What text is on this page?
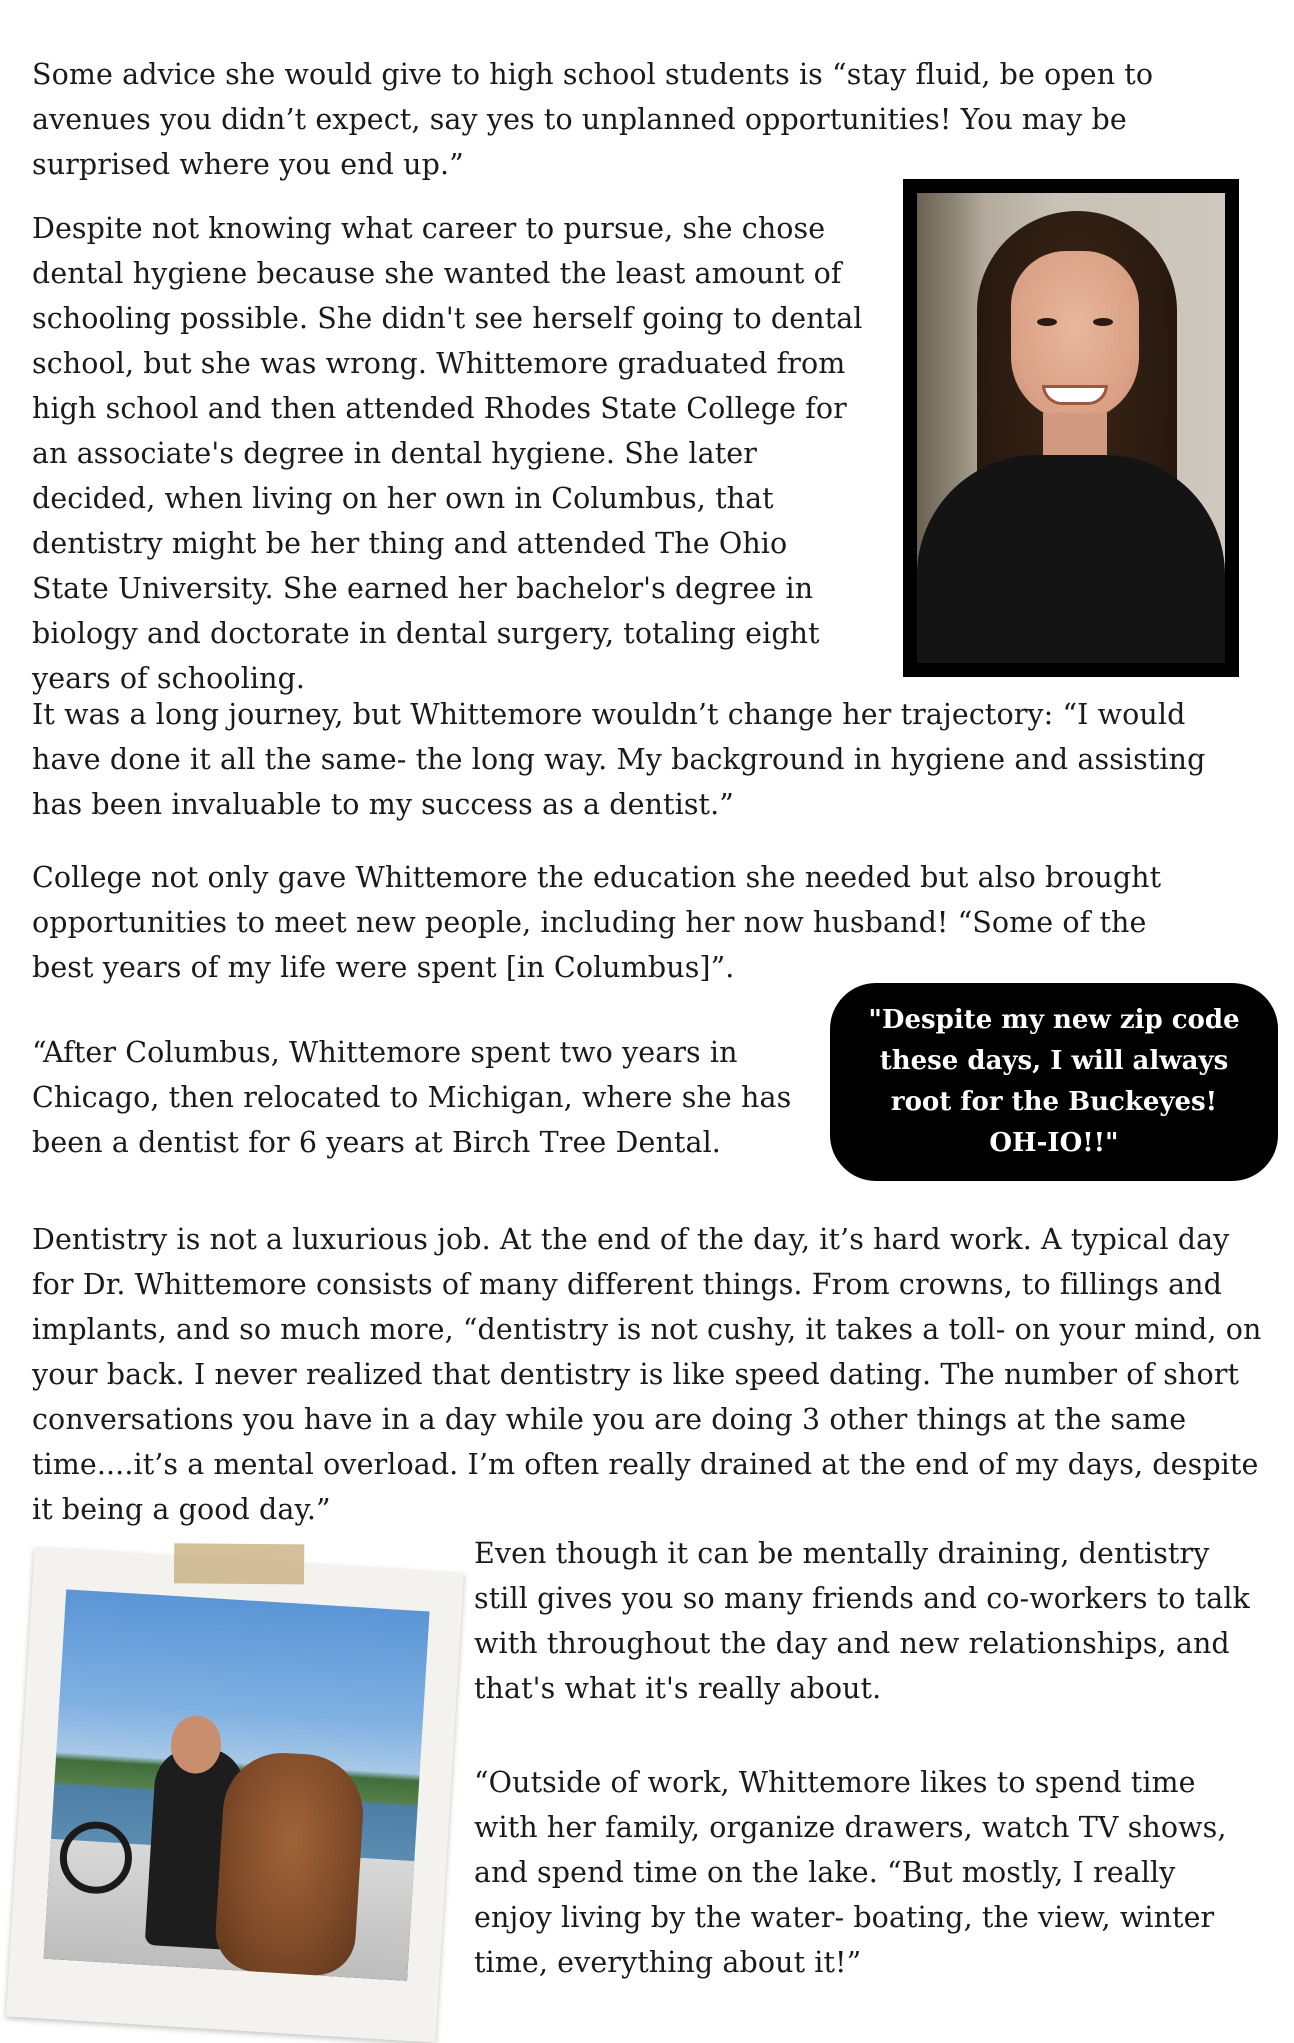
Some advice she would give to high school students is “stay fluid, be open to avenues you didn’t expect, say yes to unplanned opportunities! You may be surprised where you end up.”

Despite not knowing what career to pursue, she chose dental hygiene because she wanted the least amount of schooling possible. She didn't see herself going to dental school, but she was wrong. Whittemore graduated from high school and then attended Rhodes State College for an associate's degree in dental hygiene. She later decided, when living on her own in Columbus, that dentistry might be her thing and attended The Ohio State University. She earned her bachelor's degree in biology and doctorate in dental surgery, totaling eight years of schooling.

It was a long journey, but Whittemore wouldn’t change her trajectory: “I would have done it all the same- the long way. My background in hygiene and assisting has been invaluable to my success as a dentist.”

College not only gave Whittemore the education she needed but also brought opportunities to meet new people, including her now husband! “Some of the best years of my life were spent [in Columbus]”.

“After Columbus, Whittemore spent two years in Chicago, then relocated to Michigan, where she has been a dentist for 6 years at Birch Tree Dental.

"Despite my new zip code these days, I will always root for the Buckeyes! OH-IO!!"

Dentistry is not a luxurious job. At the end of the day, it’s hard work. A typical day for Dr. Whittemore consists of many different things. From crowns, to fillings and implants, and so much more, “dentistry is not cushy, it takes a toll- on your mind, on your back. I never realized that dentistry is like speed dating. The number of short conversations you have in a day while you are doing 3 other things at the same time....it’s a mental overload. I’m often really drained at the end of my days, despite it being a good day.”

Even though it can be mentally draining, dentistry still gives you so many friends and co-workers to talk with throughout the day and new relationships, and that's what it's really about.

“Outside of work, Whittemore likes to spend time with her family, organize drawers, watch TV shows, and spend time on the lake. “But mostly, I really enjoy living by the water- boating, the view, winter time, everything about it!”
